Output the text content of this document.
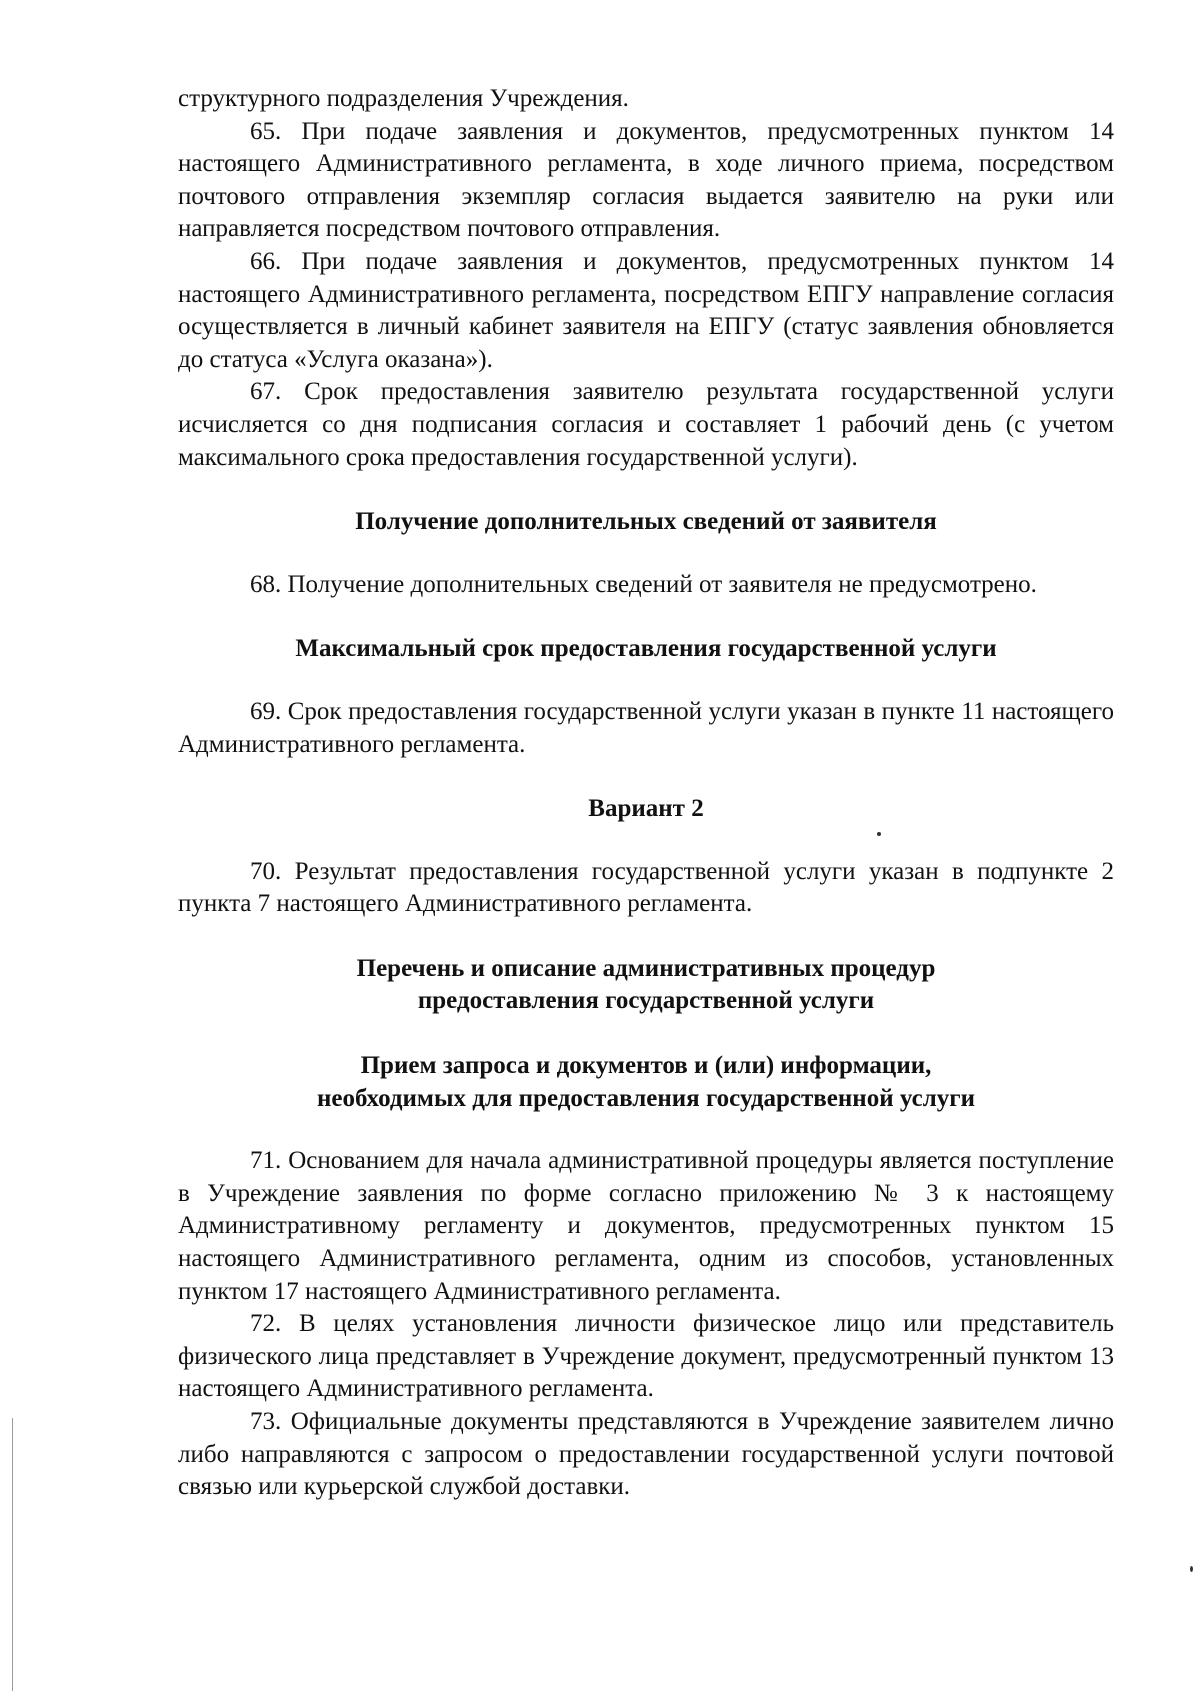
структурного подразделения Учреждения.

65. При подаче заявления и документов, предусмотренных пунктом 14 настоящего Административного регламента, в ходе личного приема, посредством почтового отправления экземпляр согласия выдается заявителю на руки или направляется посредством почтового отправления.

66. При подаче заявления и документов, предусмотренных пунктом 14 настоящего Административного регламента, посредством ЕПГУ направление согласия осуществляется в личный кабинет заявителя на ЕПГУ (статус заявления обновляется до статуса «Услуга оказана»).

67. Срок предоставления заявителю результата государственной услуги исчисляется со дня подписания согласия и составляет 1 рабочий день (с учетом максимального срока предоставления государственной услуги).

Получение дополнительных сведений от заявителя

68. Получение дополнительных сведений от заявителя не предусмотрено.

Максимальный срок предоставления государственной услуги

69. Срок предоставления государственной услуги указан в пункте 11 настоящего Административного регламента.

Вариант 2

70. Результат предоставления государственной услуги указан в подпункте 2 пункта 7 настоящего Административного регламента.

Перечень и описание административных процедур

предоставления государственной услуги

Прием запроса и документов и (или) информации,

необходимых для предоставления государственной услуги

71. Основанием для начала административной процедуры является поступление в Учреждение заявления по форме согласно приложению № 3 к настоящему Административному регламенту и документов, предусмотренных пунктом 15 настоящего Административного регламента, одним из способов, установленных пунктом 17 настоящего Административного регламента.

72. В целях установления личности физическое лицо или представитель физического лица представляет в Учреждение документ, предусмотренный пунктом 13 настоящего Административного регламента.

73. Официальные документы представляются в Учреждение заявителем лично либо направляются с запросом о предоставлении государственной услуги почтовой связью или курьерской службой доставки.
